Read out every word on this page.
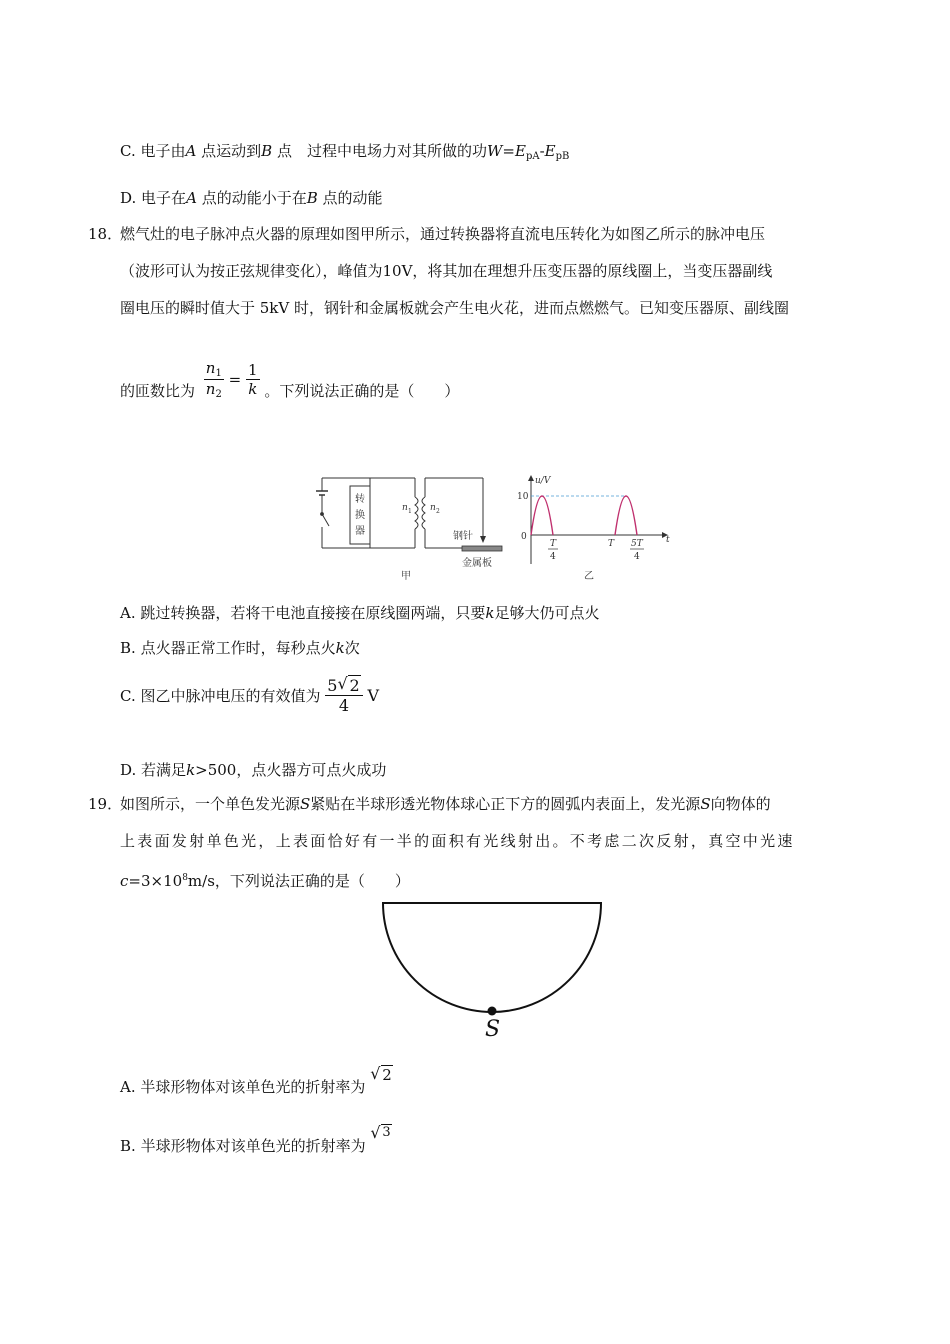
C. 电子由A 点运动到B 点　过程中电场力对其所做的功$W=E_{pA}-E_{pB}$
D. 电子在A 点的动能小于在B 点的动能
18．
燃气灶的电子脉冲点火器的原理如图甲所示，通过转换器将直流电压转化为如图乙所示的脉冲电压
（波形可认为按正弦规律变化），峰值为10V，将其加在理想升压变压器的原线圈上，当变压器副线
圈电压的瞬时值大于 5kV 时，钢针和金属板就会产生电火花，进而点燃燃气。已知变压器原、副线圈
的匝数比为 $\frac{n_1}{n_2} = \frac{1}{k}$ 。下列说法正确的是（　　）
转
换
器
n 1 n 2
钢针
金属板
甲	乙
u/V
10
0	t
T
4
T 5T
4
A. 跳过转换器，若将干电池直接接在原线圈两端，只要k足够大仍可点火
B. 点火器正常工作时，每秒点火k次
C. 图乙中脉冲电压的有效值为 $\frac{5 √ 2}{4}$ V
D. 若满足k>500，点火器方可点火成功
19．
如图所示，一个单色发光源S紧贴在半球形透光物体球心正下方的圆弧内表面上，发光源S向物体的
上表面发射单色光，上表面恰好有一半的面积有光线射出。不考虑二次反射，真空中光速
$c=3\times 10^8m/s$，下列说法正确的是（　　）
S
A. 半球形物体对该单色光的折射率为
√ 2
B. 半球形物体对该单色光的折射率为
√ 3
